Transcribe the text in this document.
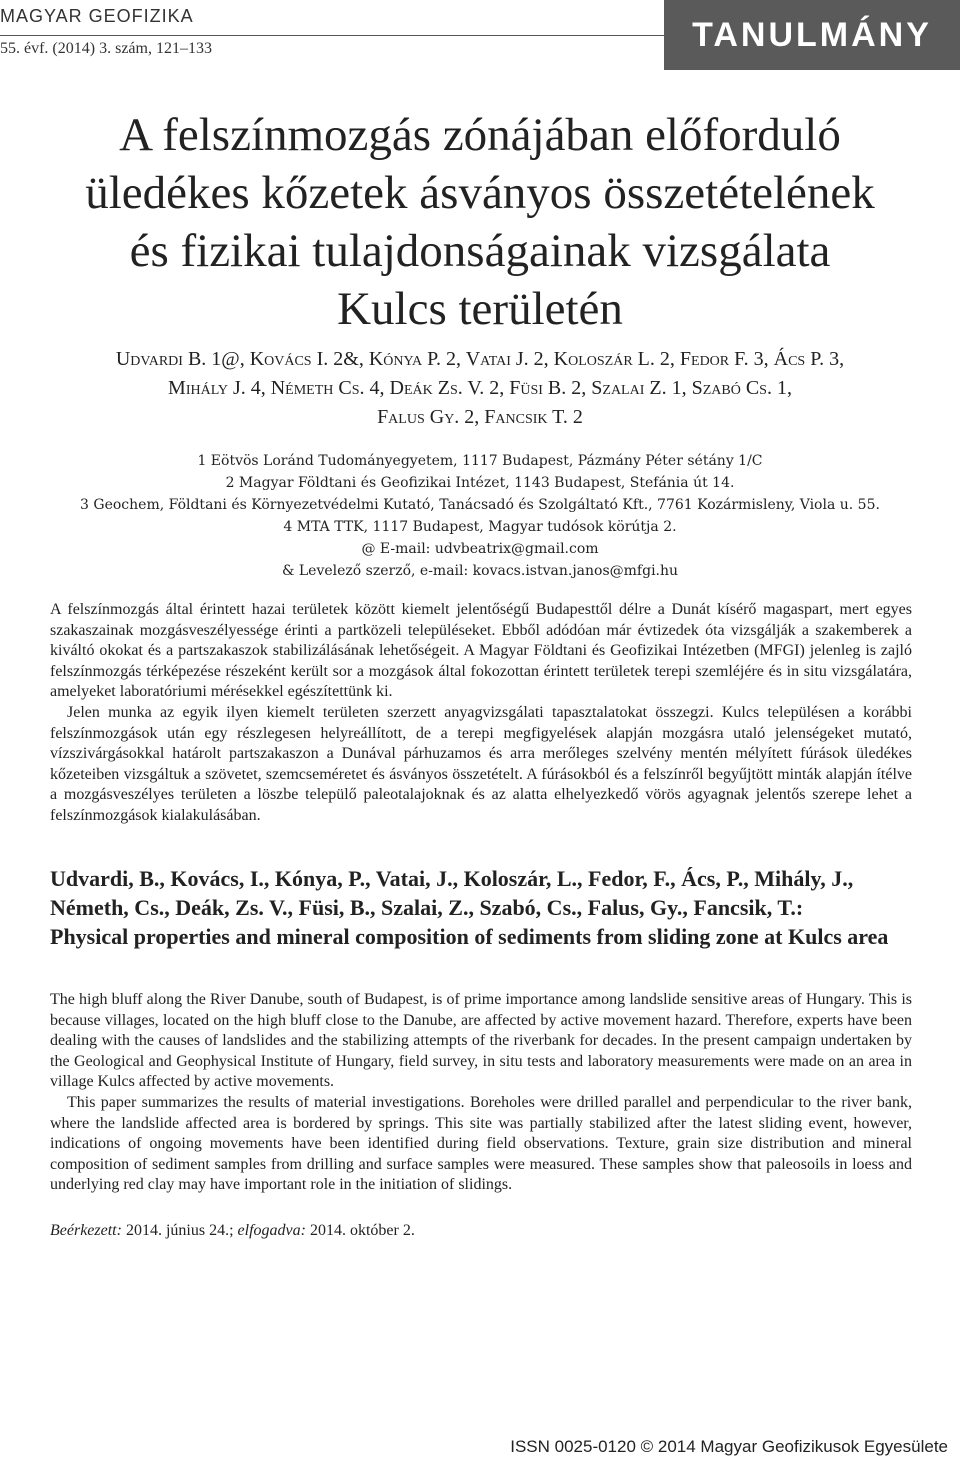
MAGYAR GEOFIZIKA
55. évf. (2014) 3. szám, 121–133	TANULMÁNY
A felszínmozgás zónájában előforduló
üledékes kőzetek ásványos összetételének
és fizikai tulajdonságainak vizsgálata
Kulcs területén
Udvardi B. 1@, Kovács I. 2&, Kónya P. 2, Vatai J. 2, Koloszár L. 2, Fedor F. 3, Ács P. 3,
Mihály J. 4, Németh Cs. 4, Deák Zs. V. 2, Füsi B. 2, Szalai Z. 1, Szabó Cs. 1,
Falus Gy. 2, Fancsik T. 2
1 Eötvös Loránd Tudományegyetem, 1117 Budapest, Pázmány Péter sétány 1/C
2 Magyar Földtani és Geofizikai Intézet, 1143 Budapest, Stefánia út 14.
3 Geochem, Földtani és Környezetvédelmi Kutató, Tanácsadó és Szolgáltató Kft., 7761 Kozármisleny, Viola u. 55.
4 MTA TTK, 1117 Budapest, Magyar tudósok körútja 2.
@ E-mail: udvbeatrix@gmail.com
& Levelező szerző, e-mail: kovacs.istvan.janos@mfgi.hu

A felszínmozgás által érintett hazai területek között kiemelt jelentőségű Budapesttől délre a Dunát kísérő magaspart, mert egyes szakaszainak mozgásveszélyessége érinti a partközeli településeket. Ebből adódóan már évtizedek óta vizsgálják a szakemberek a kiváltó okokat és a partszakaszok stabilizálásának lehetőségeit. A Magyar Földtani és Geofizikai Intézetben (MFGI) jelenleg is zajló felszínmozgás térképezése részeként került sor a mozgások által fokozottan érintett területek terepi szemléjére és in situ vizsgálatára, amelyeket laboratóriumi mérésekkel egészítettünk ki.

Jelen munka az egyik ilyen kiemelt területen szerzett anyagvizsgálati tapasztalatokat összegzi. Kulcs településen a korábbi felszínmozgások után egy részlegesen helyreállított, de a terepi megfigyelések alapján mozgásra utaló jelenségeket mutató, vízszivárgásokkal határolt partszakaszon a Dunával párhuzamos és arra merőleges szelvény mentén mélyített fúrások üledékes kőzeteiben vizsgáltuk a szövetet, szemcseméretet és ásványos összetételt. A fúrásokból és a felszínről begyűjtött minták alapján ítélve a mozgásveszélyes területen a löszbe települő paleotalajoknak és az alatta elhelyezkedő vörös agyagnak jelentős szerepe lehet a felszínmozgások kialakulásában.

Udvardi, B., Kovács, I., Kónya, P., Vatai, J., Koloszár, L., Fedor, F., Ács, P., Mihály, J., Németh, Cs., Deák, Zs. V., Füsi, B., Szalai, Z., Szabó, Cs., Falus, Gy., Fancsik, T.:
Physical properties and mineral composition of sediments from sliding zone at Kulcs area

The high bluff along the River Danube, south of Budapest, is of prime importance among landslide sensitive areas of Hungary. This is because villages, located on the high bluff close to the Danube, are affected by active movement hazard. Therefore, experts have been dealing with the causes of landslides and the stabilizing attempts of the riverbank for decades. In the present campaign undertaken by the Geological and Geophysical Institute of Hungary, field survey, in situ tests and laboratory measurements were made on an area in village Kulcs affected by active movements.

This paper summarizes the results of material investigations. Boreholes were drilled parallel and perpendicular to the river bank, where the landslide affected area is bordered by springs. This site was partially stabilized after the latest sliding event, however, indications of ongoing movements have been identified during field observations. Texture, grain size distribution and mineral composition of sediment samples from drilling and surface samples were measured. These samples show that paleosoils in loess and underlying red clay may have important role in the initiation of slidings.

Beérkezett: 2014. június 24.; elfogadva: 2014. október 2.
ISSN 0025-0120 © 2014 Magyar Geofizikusok Egyesülete
